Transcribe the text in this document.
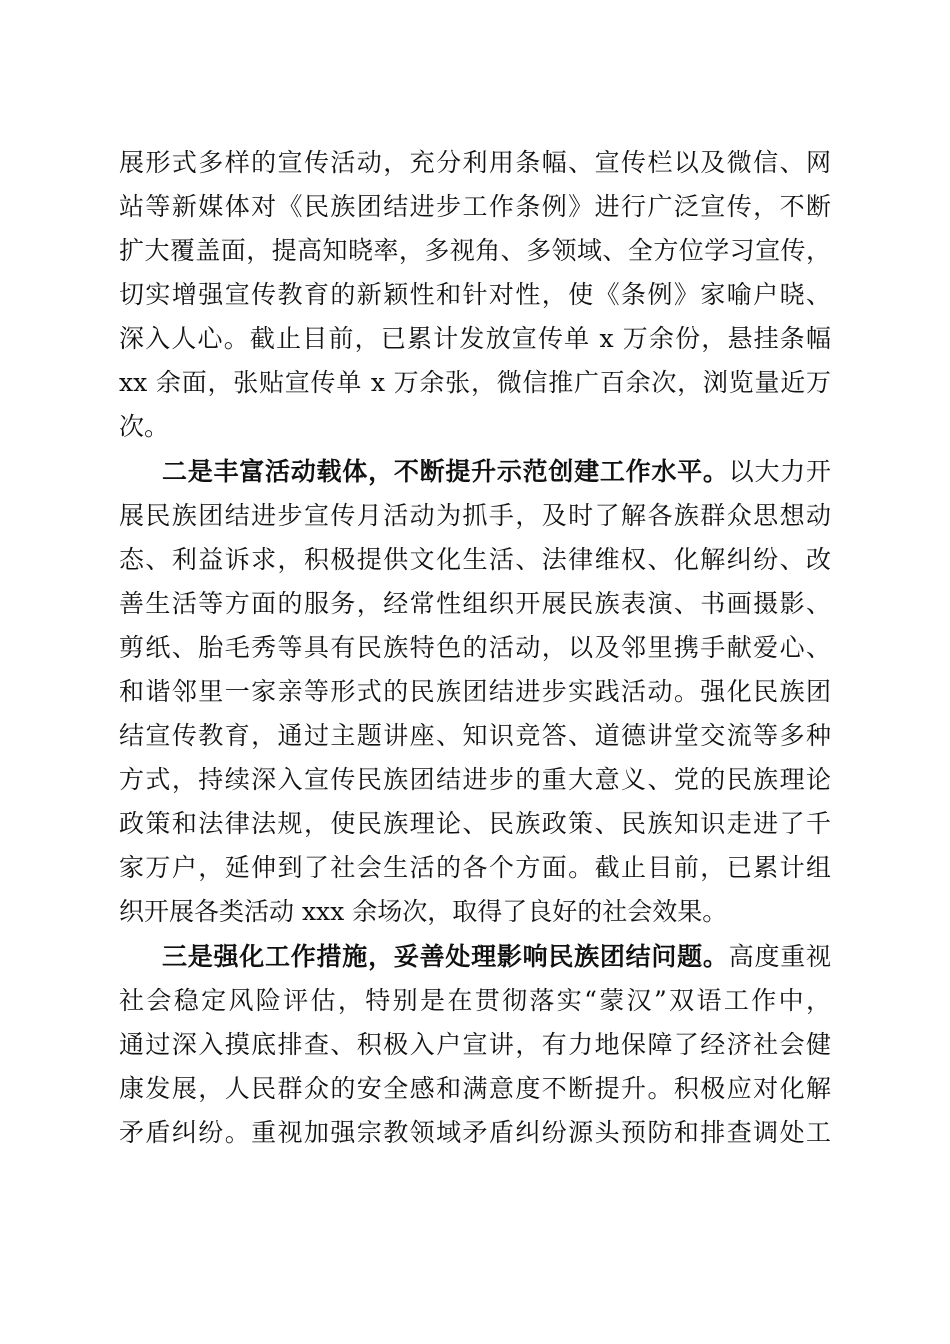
展形式多样的宣传活动，充分利用条幅、宣传栏以及微信、网
站等新媒体对《民族团结进步工作条例》进行广泛宣传，不断
扩大覆盖面，提高知晓率，多视角、多领域、全方位学习宣传，
切实增强宣传教育的新颖性和针对性，使《条例》家喻户晓、
深入人心。截止目前，已累计发放宣传单 x 万余份，悬挂条幅
xx 余面，张贴宣传单 x 万余张，微信推广百余次，浏览量近万
次。
二是丰富活动载体，不断提升示范创建工作水平。以大力开
展民族团结进步宣传月活动为抓手，及时了解各族群众思想动
态、利益诉求，积极提供文化生活、法律维权、化解纠纷、改
善生活等方面的服务，经常性组织开展民族表演、书画摄影、
剪纸、胎毛秀等具有民族特色的活动，以及邻里携手献爱心、
和谐邻里一家亲等形式的民族团结进步实践活动。强化民族团
结宣传教育，通过主题讲座、知识竞答、道德讲堂交流等多种
方式，持续深入宣传民族团结进步的重大意义、党的民族理论
政策和法律法规，使民族理论、民族政策、民族知识走进了千
家万户，延伸到了社会生活的各个方面。截止目前，已累计组
织开展各类活动 xxx 余场次，取得了良好的社会效果。
三是强化工作措施，妥善处理影响民族团结问题。高度重视
社会稳定风险评估，特别是在贯彻落实“蒙汉”双语工作中，
通过深入摸底排查、积极入户宣讲，有力地保障了经济社会健
康发展，人民群众的安全感和满意度不断提升。积极应对化解
矛盾纠纷。重视加强宗教领域矛盾纠纷源头预防和排查调处工
